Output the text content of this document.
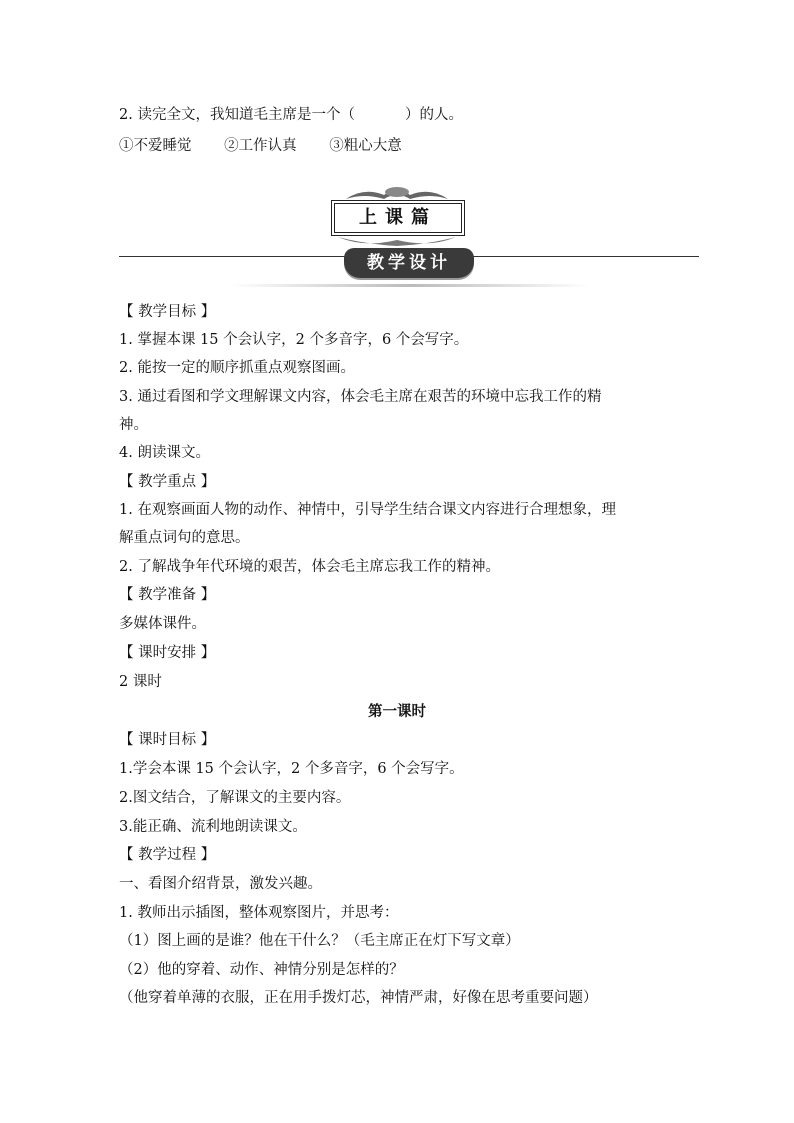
2. 读完全文，我知道毛主席是一个（	）的人。

①不爱睡觉 ②工作认真 ③粗心大意

上课篇
教学设计

【 教学目标 】

1. 掌握本课 15 个会认字，2 个多音字，6 个会写字。

2. 能按一定的顺序抓重点观察图画。

3. 通过看图和学文理解课文内容，体会毛主席在艰苦的环境中忘我工作的精

神。

4. 朗读课文。

【 教学重点 】

1. 在观察画面人物的动作、神情中，引导学生结合课文内容进行合理想象，理

解重点词句的意思。

2. 了解战争年代环境的艰苦，体会毛主席忘我工作的精神。

【 教学准备 】

多媒体课件。

【 课时安排 】

2 课时

第一课时

【 课时目标 】

1.学会本课 15 个会认字，2 个多音字，6 个会写字。

2.图文结合，了解课文的主要内容。

3.能正确、流利地朗读课文。

【 教学过程 】

一、看图介绍背景，激发兴趣。

1. 教师出示插图，整体观察图片，并思考：

（1）图上画的是谁？他在干什么？（毛主席正在灯下写文章）

（2）他的穿着、动作、神情分别是怎样的？

（他穿着单薄的衣服，正在用手拨灯芯，神情严肃，好像在思考重要问题）
